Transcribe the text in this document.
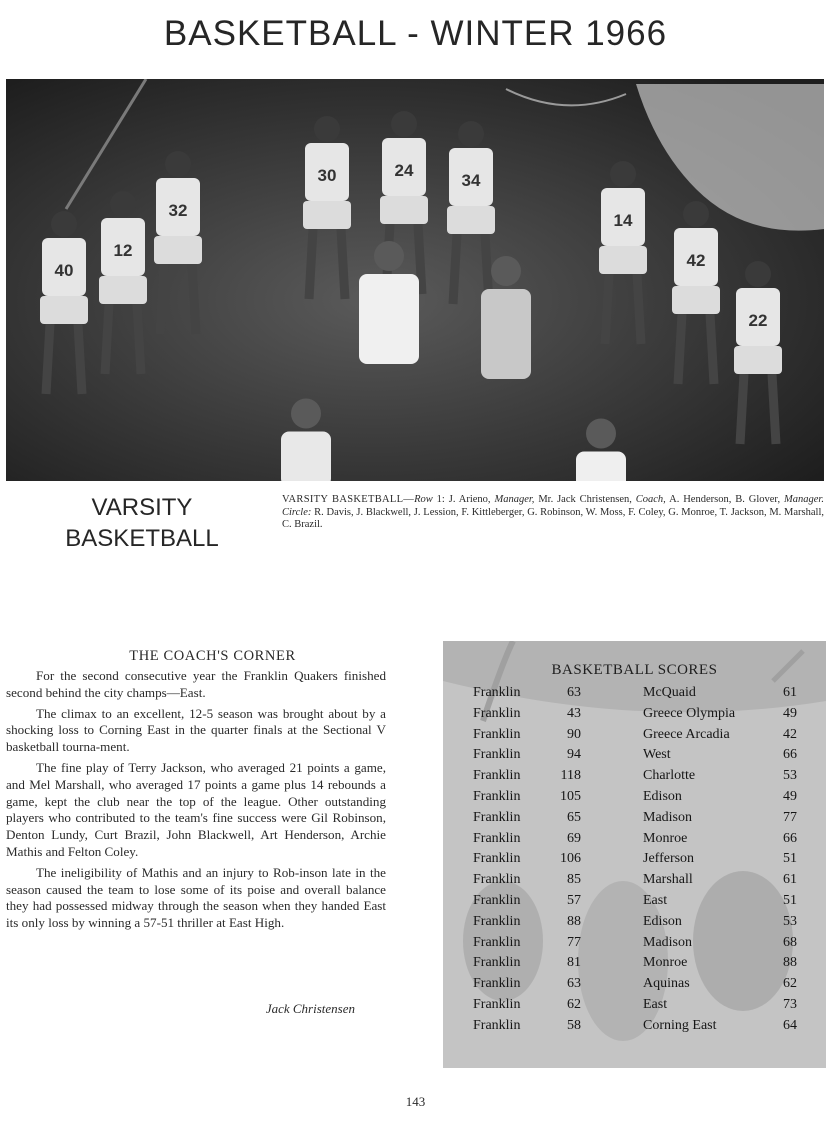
BASKETBALL - WINTER 1966
40
12
32
30	24
34
14
42
22
VARSITY
BASKETBALL
VARSITY BASKETBALL—Row 1: J. Arieno, Manager, Mr. Jack Christensen, Coach, A. Henderson, B. Glover, Manager. Circle: R. Davis, J. Blackwell, J. Lession, F. Kittleberger, G. Robinson, W. Moss, F. Coley, G. Monroe, T. Jackson, M. Marshall, C. Brazil.
THE COACH'S CORNER

For the second consecutive year the Franklin Quakers finished second behind the city champs—East.

The climax to an excellent, 12-5 season was brought about by a shocking loss to Corning East in the quarter finals at the Sectional V basketball tourna-ment.

The fine play of Terry Jackson, who averaged 21 points a game, and Mel Marshall, who averaged 17 points a game plus 14 rebounds a game, kept the club near the top of the league. Other outstanding players who contributed to the team's fine success were Gil Robinson, Denton Lundy, Curt Brazil, John Blackwell, Art Henderson, Archie Mathis and Felton Coley.

The ineligibility of Mathis and an injury to Rob-inson late in the season caused the team to lose some of its poise and overall balance they had possessed midway through the season when they handed East its only loss by winning a 57-51 thriller at East High.

Jack Christensen
BASKETBALL SCORES
Franklin	63	McQuaid	61
Franklin	43	Greece Olympia	49
Franklin	90	Greece Arcadia	42
Franklin	94	West	66
Franklin	118	Charlotte	53
Franklin	105	Edison	49
Franklin	65	Madison	77
Franklin	69	Monroe	66
Franklin	106	Jefferson	51
Franklin	85	Marshall	61
Franklin	57	East	51
Franklin	88	Edison	53
Franklin	77	Madison	68
Franklin	81	Monroe	88
Franklin	63	Aquinas	62
Franklin	62	East	73
Franklin	58	Corning East	64
143
